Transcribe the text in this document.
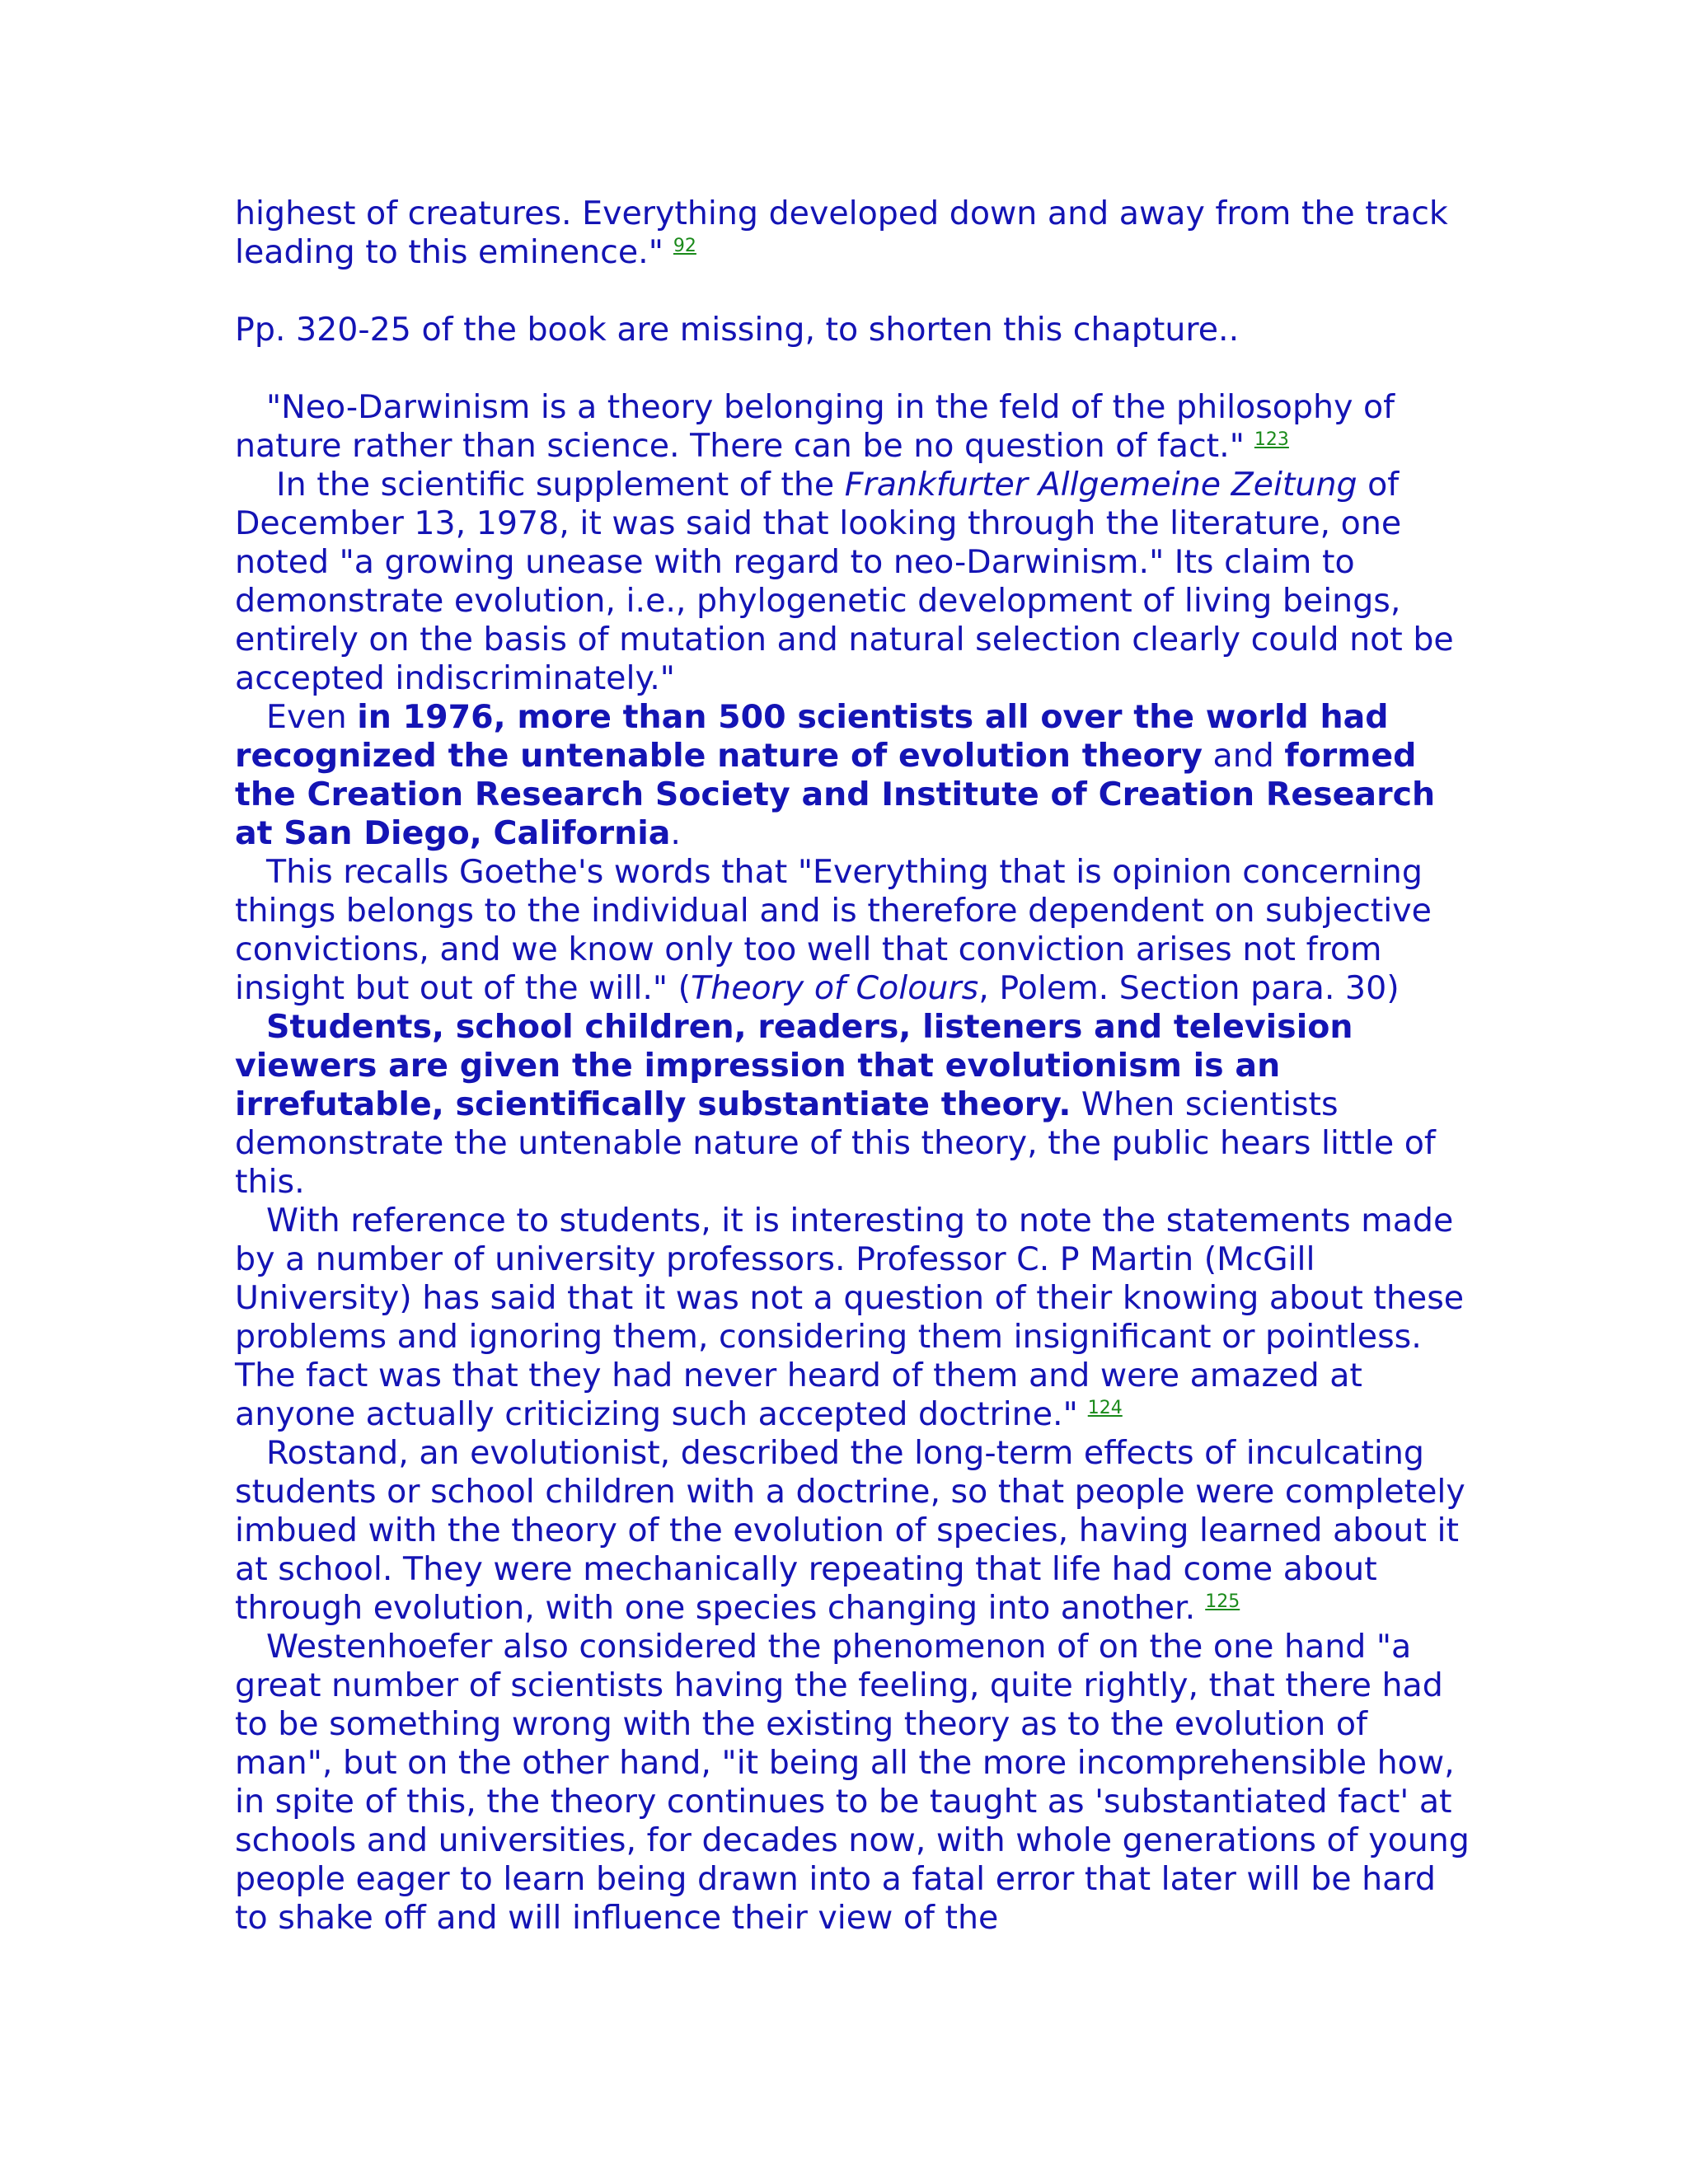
highest of creatures. Everything developed down and away from the track leading to this eminence." $^{92}$

Pp. 320-25 of the book are missing, to shorten this chapture..

"Neo-Darwinism is a theory belonging in the feld of the philosophy of nature rather than science. There can be no question of fact." $^{123}$

In the scientific supplement of the Frankfurter Allgemeine Zeitung of December 13, 1978, it was said that looking through the literature, one noted "a growing unease with regard to neo-Darwinism." Its claim to demonstrate evolution, i.e., phylogenetic development of living beings, entirely on the basis of mutation and natural selection clearly could not be accepted indiscriminately."

Even in 1976, more than 500 scientists all over the world had recognized the untenable nature of evolution theory and formed the Creation Research Society and Institute of Creation Research at San Diego, California.

This recalls Goethe's words that "Everything that is opinion concerning things belongs to the individual and is therefore dependent on subjective convictions, and we know only too well that conviction arises not from insight but out of the will." (Theory of Colours, Polem. Section para. 30)

Students, school children, readers, listeners and television viewers are given the impression that evolutionism is an irrefutable, scientifically substantiate theory. When scientists demonstrate the untenable nature of this theory, the public hears little of this.

With reference to students, it is interesting to note the statements made by a number of university professors. Professor C. P Martin (McGill University) has said that it was not a question of their knowing about these problems and ignoring them, considering them insignificant or pointless. The fact was that they had never heard of them and were amazed at anyone actually criticizing such accepted doctrine." $^{124}$

Rostand, an evolutionist, described the long-term effects of inculcating students or school children with a doctrine, so that people were completely imbued with the theory of the evolution of species, having learned about it at school. They were mechanically repeating that life had come about through evolution, with one species changing into another. $^{125}$

Westenhoefer also considered the phenomenon of on the one hand "a great number of scientists having the feeling, quite rightly, that there had to be something wrong with the existing theory as to the evolution of man", but on the other hand, "it being all the more incomprehensible how, in spite of this, the theory continues to be taught as 'substantiated fact' at schools and universities, for decades now, with whole generations of young people eager to learn being drawn into a fatal error that later will be hard to shake off and will influence their view of the
